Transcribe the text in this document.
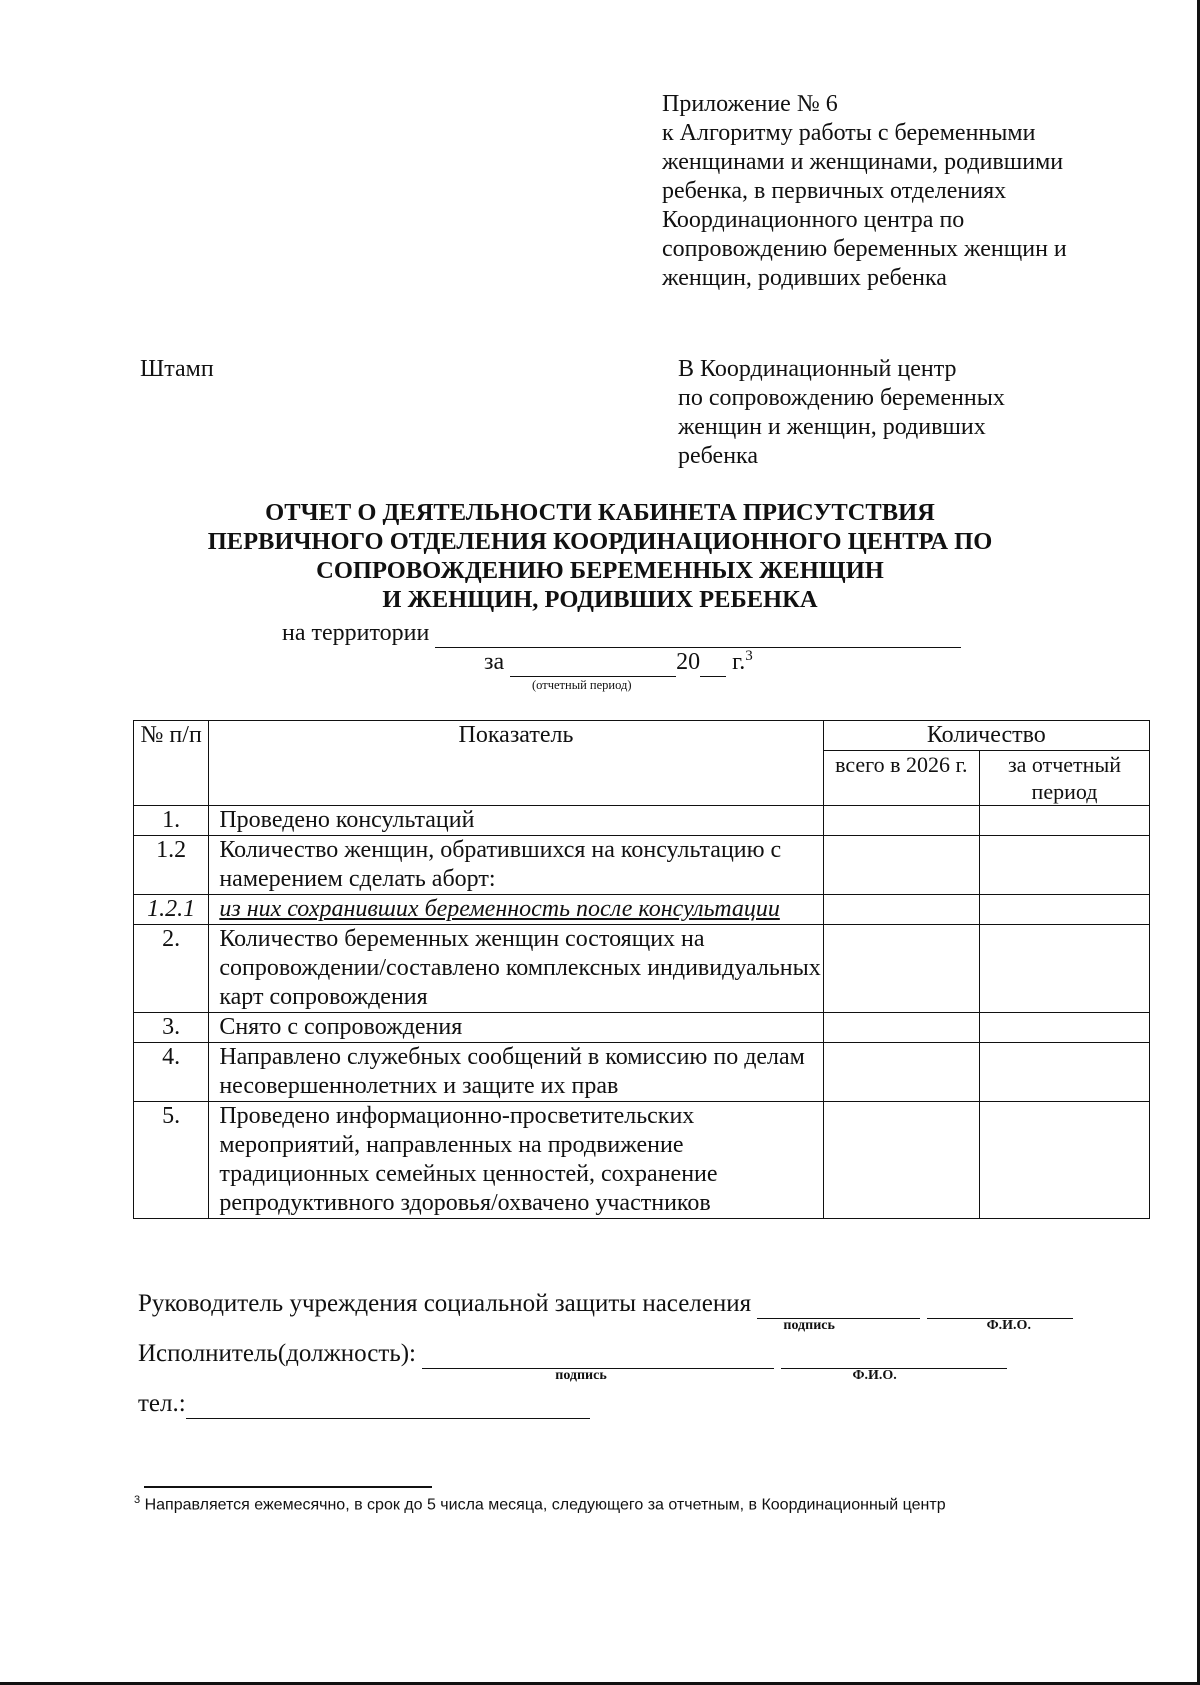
Приложение № 6
к Алгоритму работы с беременными
женщинами и женщинами, родившими
ребенка, в первичных отделениях
Координационного центра по
сопровождению беременных женщин и
женщин, родивших ребенка
Штамп	В Координационный центр
по сопровождению беременных
женщин и женщин, родивших
ребенка
ОТЧЕТ О ДЕЯТЕЛЬНОСТИ КАБИНЕТА ПРИСУТСТВИЯ
ПЕРВИЧНОГО ОТДЕЛЕНИЯ КООРДИНАЦИОННОГО ЦЕНТРА ПО
СОПРОВОЖДЕНИЮ БЕРЕМЕННЫХ ЖЕНЩИН
И ЖЕНЩИН, РОДИВШИХ РЕБЕНКА
на территории
за	20 г.$^3$
(отчетный период)
№ п/п	Показатель	Количество	
		всего в 2026 г.	за отчетный период
1.	Проведено консультаций		
1.2	Количество женщин, обратившихся на консультацию с намерением сделать аборт:		
1.2.1	из них сохранивших беременность после консультации		
2.	Количество беременных женщин состоящих на сопровождении/составлено комплексных индивидуальных карт сопровождения		
3.	Снято с сопровождения		
4.	Направлено служебных сообщений в комиссию по делам несовершеннолетних и защите их прав		
5.	Проведено информационно-просветительских мероприятий, направленных на продвижение традиционных семейных ценностей, сохранение репродуктивного здоровья/охвачено участников		
Руководитель учреждения социальной защиты населения
подпись
	Ф.И.О.
Исполнитель(должность):
подпись
	Ф.И.О.
тел.:
$^3$ Направляется ежемесячно, в срок до 5 числа месяца, следующего за отчетным, в Координационный центр
